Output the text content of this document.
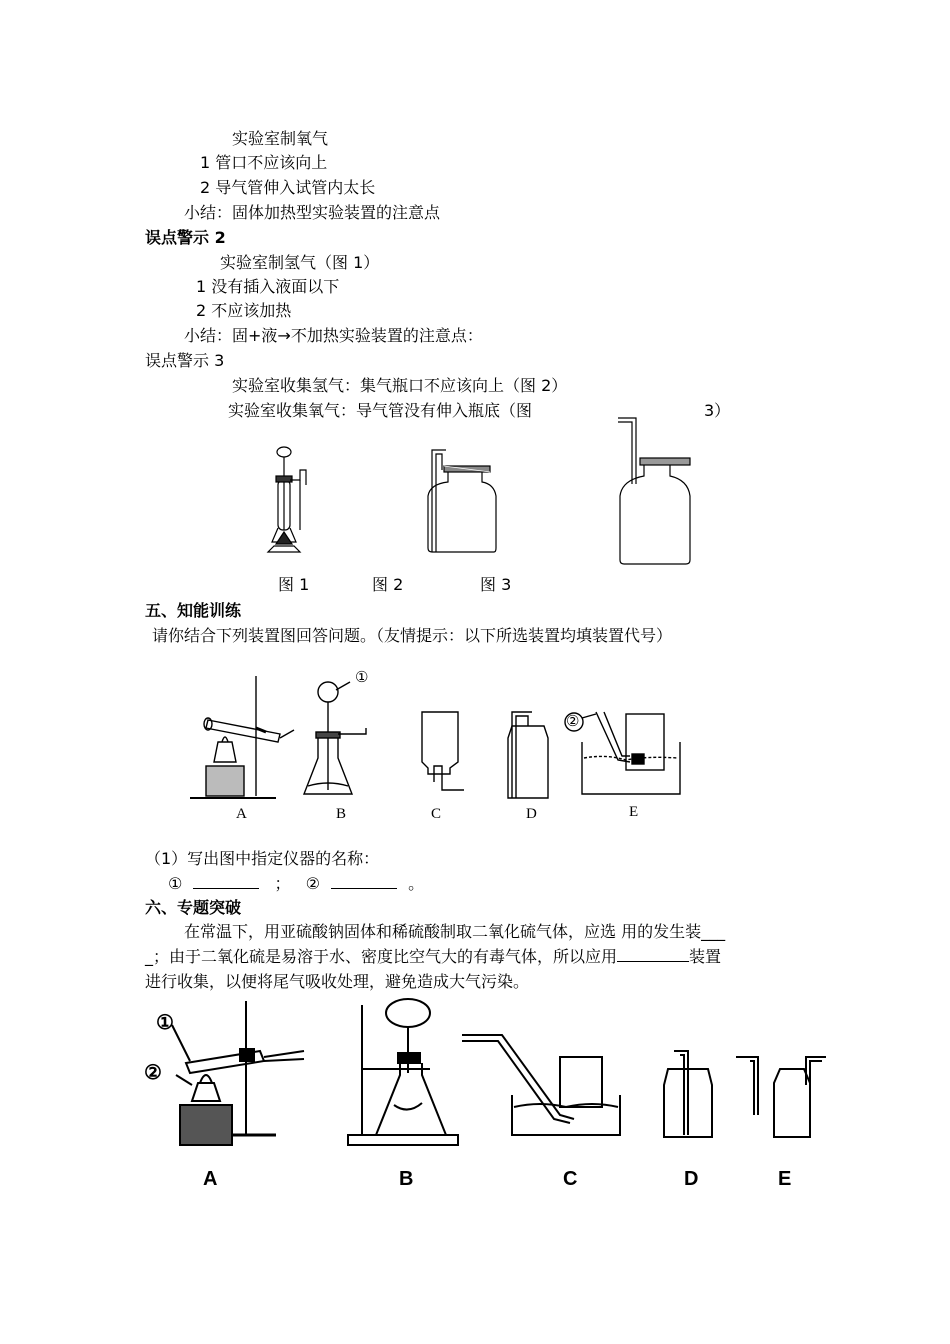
实验室制氧气
1 管口不应该向上
2 导气管伸入试管内太长
小结：固体加热型实验装置的注意点
误点警示 2
实验室制氢气（图 1）
1 没有插入液面以下
2 不应该加热
小结：固+液→不加热实验装置的注意点：
误点警示 3
实验室收集氢气：集气瓶口不应该向上（图 2）
实验室收集氧气：导气管没有伸入瓶底（图	3）
图 1	图 2	图 3
五、知能训练
请你结合下列装置图回答问题。（友情提示：以下所选装置均填装置代号）
①
②
A	B	C	D	E
（1）写出图中指定仪器的名称：
①	； ②	。
六、专题突破
在常温下，用亚硫酸钠固体和稀硫酸制取二氧化硫气体，应选 用的发生装___
_；由于二氧化硫是易溶于水、密度比空气大的有毒气体，所以应用	装置
进行收集，以便将尾气吸收处理，避免造成大气污染。
①
②
A	B	C	D	E
